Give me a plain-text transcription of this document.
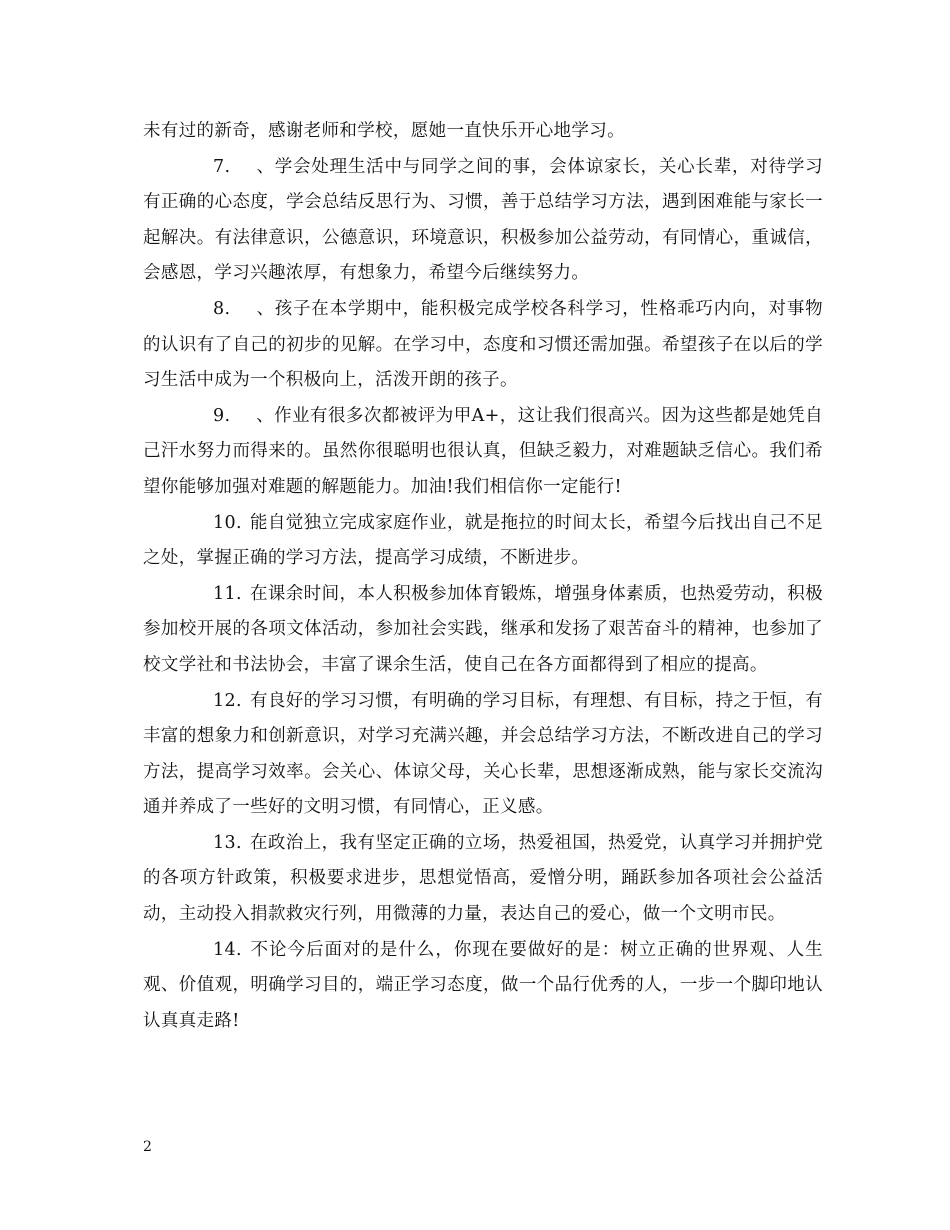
未有过的新奇，感谢老师和学校，愿她一直快乐开心地学习。

7. 、学会处理生活中与同学之间的事，会体谅家长，关心长辈，对待学习有正确的心态度，学会总结反思行为、习惯，善于总结学习方法，遇到困难能与家长一起解决。有法律意识，公德意识，环境意识，积极参加公益劳动，有同情心，重诚信，会感恩，学习兴趣浓厚，有想象力，希望今后继续努力。

8. 、孩子在本学期中，能积极完成学校各科学习，性格乖巧内向，对事物的认识有了自己的初步的见解。在学习中，态度和习惯还需加强。希望孩子在以后的学习生活中成为一个积极向上，活泼开朗的孩子。

9. 、作业有很多次都被评为甲A+，这让我们很高兴。因为这些都是她凭自己汗水努力而得来的。虽然你很聪明也很认真，但缺乏毅力，对难题缺乏信心。我们希望你能够加强对难题的解题能力。加油!我们相信你一定能行!

10. 能自觉独立完成家庭作业，就是拖拉的时间太长，希望今后找出自己不足之处，掌握正确的学习方法，提高学习成绩，不断进步。

11. 在课余时间，本人积极参加体育锻炼，增强身体素质，也热爱劳动，积极参加校开展的各项文体活动，参加社会实践，继承和发扬了艰苦奋斗的精神，也参加了校文学社和书法协会，丰富了课余生活，使自己在各方面都得到了相应的提高。

12. 有良好的学习习惯，有明确的学习目标，有理想、有目标，持之于恒，有丰富的想象力和创新意识，对学习充满兴趣，并会总结学习方法，不断改进自己的学习方法，提高学习效率。会关心、体谅父母，关心长辈，思想逐渐成熟，能与家长交流沟通并养成了一些好的文明习惯，有同情心，正义感。

13. 在政治上，我有坚定正确的立场，热爱祖国，热爱党，认真学习并拥护党的各项方针政策，积极要求进步，思想觉悟高，爱憎分明，踊跃参加各项社会公益活动，主动投入捐款救灾行列，用微薄的力量，表达自己的爱心，做一个文明市民。

14. 不论今后面对的是什么，你现在要做好的是：树立正确的世界观、人生观、价值观，明确学习目的，端正学习态度，做一个品行优秀的人，一步一个脚印地认认真真走路!

2
